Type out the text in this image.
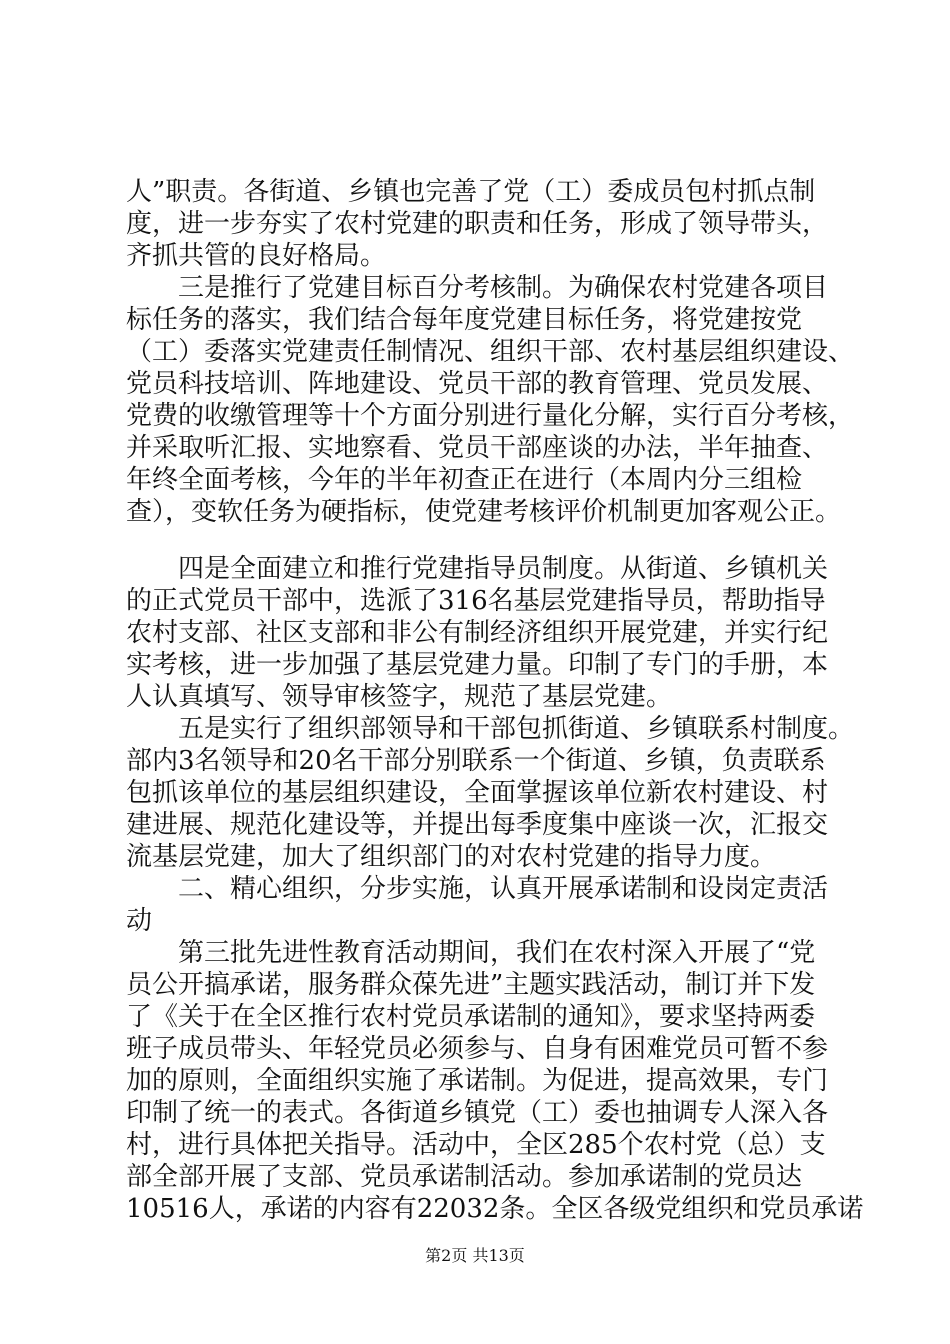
人”职责。各街道、乡镇也完善了党（工）委成员包村抓点制

度，进一步夯实了农村党建的职责和任务，形成了领导带头，

齐抓共管的良好格局。

三是推行了党建目标百分考核制。为确保农村党建各项目

标任务的落实，我们结合每年度党建目标任务，将党建按党

（工）委落实党建责任制情况、组织干部、农村基层组织建设、

党员科技培训、阵地建设、党员干部的教育管理、党员发展、

党费的收缴管理等十个方面分别进行量化分解，实行百分考核，

并采取听汇报、实地察看、党员干部座谈的办法，半年抽查、

年终全面考核，今年的半年初查正在进行（本周内分三组检

查），变软任务为硬指标，使党建考核评价机制更加客观公正。

四是全面建立和推行党建指导员制度。从街道、乡镇机关

的正式党员干部中，选派了316名基层党建指导员，帮助指导

农村支部、社区支部和非公有制经济组织开展党建，并实行纪

实考核，进一步加强了基层党建力量。印制了专门的手册，本

人认真填写、领导审核签字，规范了基层党建。

五是实行了组织部领导和干部包抓街道、乡镇联系村制度。

部内3名领导和20名干部分别联系一个街道、乡镇，负责联系

包抓该单位的基层组织建设，全面掌握该单位新农村建设、村

建进展、规范化建设等，并提出每季度集中座谈一次，汇报交

流基层党建，加大了组织部门的对农村党建的指导力度。

二、精心组织，分步实施，认真开展承诺制和设岗定责活

动

第三批先进性教育活动期间，我们在农村深入开展了“党

员公开搞承诺，服务群众葆先进”主题实践活动，制订并下发

了《关于在全区推行农村党员承诺制的通知》，要求坚持两委

班子成员带头、年轻党员必须参与、自身有困难党员可暂不参

加的原则，全面组织实施了承诺制。为促进，提高效果，专门

印制了统一的表式。各街道乡镇党（工）委也抽调专人深入各

村，进行具体把关指导。活动中，全区285个农村党（总）支

部全部开展了支部、党员承诺制活动。参加承诺制的党员达

10516人，承诺的内容有22032条。全区各级党组织和党员承诺

第2页 共13页
